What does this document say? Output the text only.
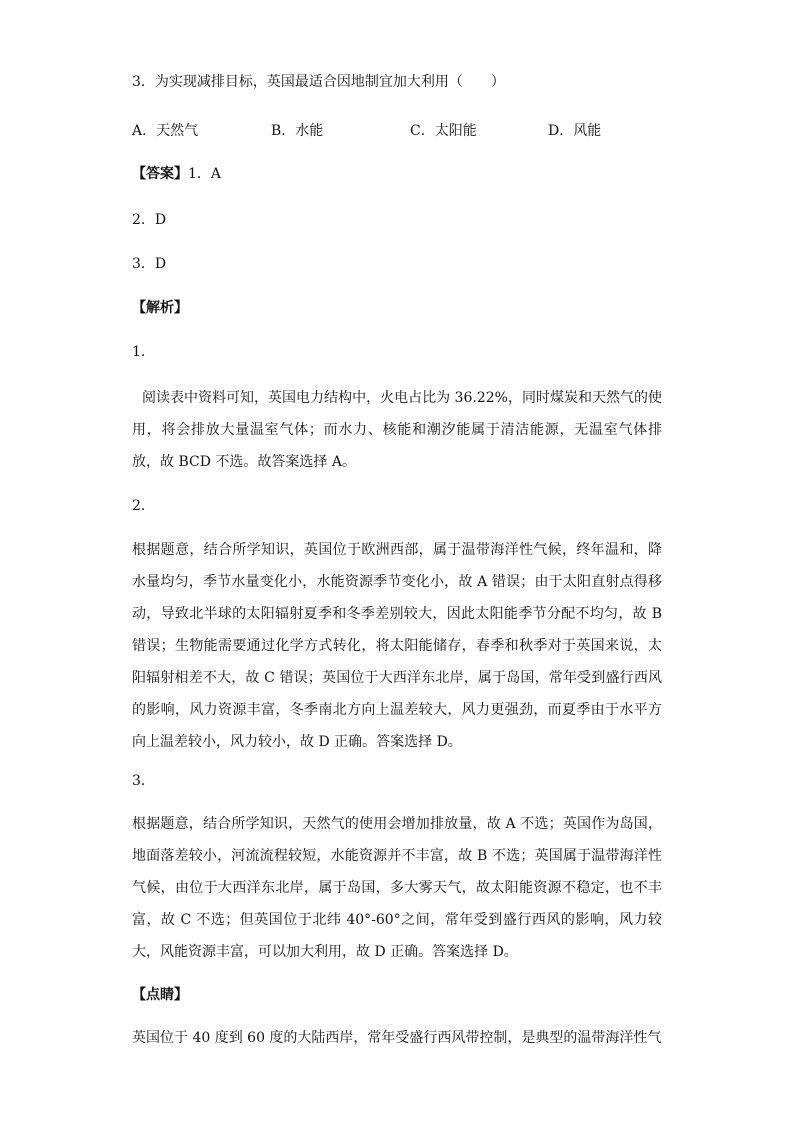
3．为实现减排目标，英国最适合因地制宜加大利用（　　）
A．天然气	B．水能	C．太阳能	D．风能
【答案】1．A
2．D
3．D
【解析】
1．
阅读表中资料可知，英国电力结构中，火电占比为 36.22%，同时煤炭和天然气的使用，将会排放大量温室气体；而水力、核能和潮汐能属于清洁能源，无温室气体排放，故 BCD 不选。故答案选择 A。
2．
根据题意，结合所学知识，英国位于欧洲西部，属于温带海洋性气候，终年温和，降水量均匀，季节水量变化小，水能资源季节变化小，故 A 错误；由于太阳直射点得移动，导致北半球的太阳辐射夏季和冬季差别较大，因此太阳能季节分配不均匀，故 B 错误；生物能需要通过化学方式转化，将太阳能储存，春季和秋季对于英国来说，太阳辐射相差不大，故 C 错误；英国位于大西洋东北岸，属于岛国，常年受到盛行西风的影响，风力资源丰富，冬季南北方向上温差较大，风力更强劲，而夏季由于水平方向上温差较小，风力较小，故 D 正确。答案选择 D。
3．
根据题意，结合所学知识，天然气的使用会增加排放量，故 A 不选；英国作为岛国，地面落差较小，河流流程较短，水能资源并不丰富，故 B 不选；英国属于温带海洋性气候，由位于大西洋东北岸，属于岛国，多大雾天气，故太阳能资源不稳定，也不丰富，故 C 不选；但英国位于北纬 40°-60°之间，常年受到盛行西风的影响，风力较大，风能资源丰富，可以加大利用，故 D 正确。答案选择 D。
【点睛】
英国位于 40 度到 60 度的大陆西岸，常年受盛行西风带控制，是典型的温带海洋性气
